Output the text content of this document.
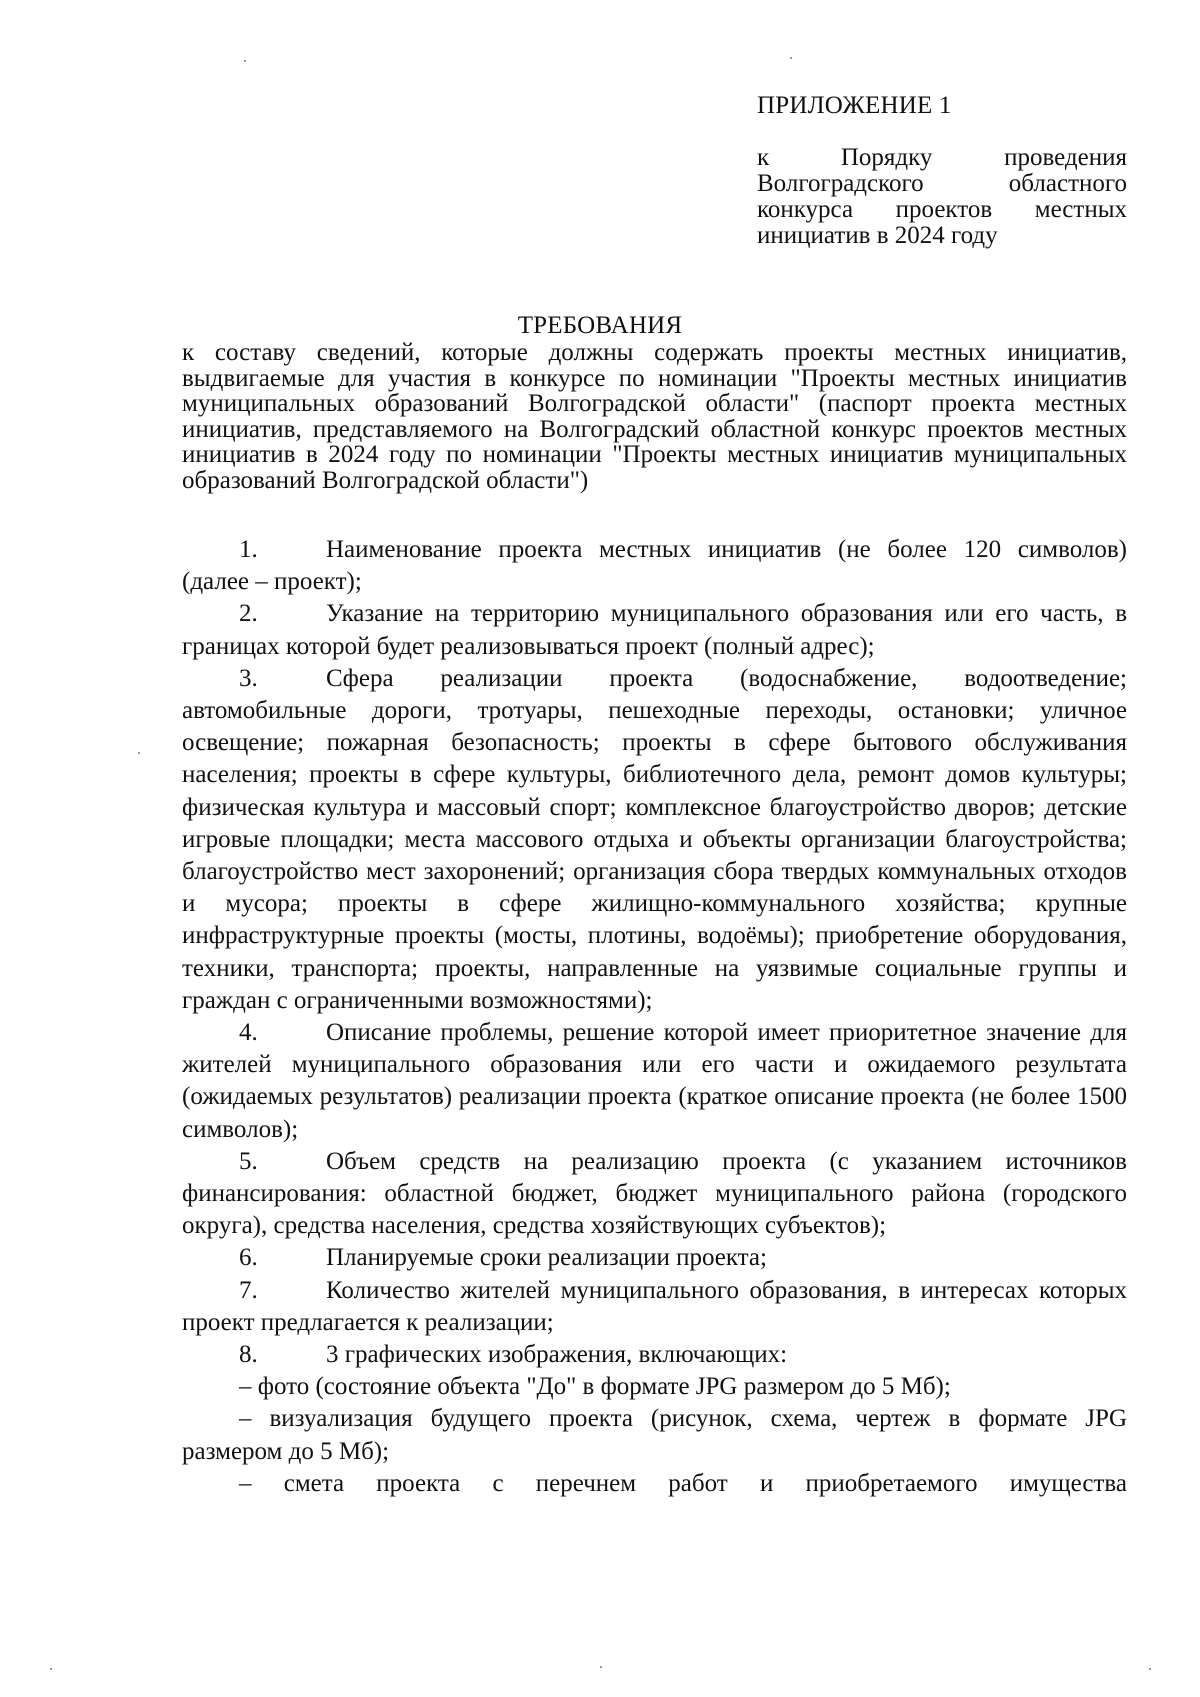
ПРИЛОЖЕНИЕ 1
к Порядку проведения Волгоградского областного конкурса проектов местных инициатив в 2024 году
ТРЕБОВАНИЯ
к составу сведений, которые должны содержать проекты местных инициатив, выдвигаемые для участия в конкурсе по номинации "Проекты местных инициатив муниципальных образований Волгоградской области" (паспорт проекта местных инициатив, представляемого на Волгоградский областной конкурс проектов местных инициатив в 2024 году по номинации "Проекты местных инициатив муниципальных образований Волгоградской области")

1.	Наименование проекта местных инициатив (не более 120 символов) (далее – проект);

2.	Указание на территорию муниципального образования или его часть, в границах которой будет реализовываться проект (полный адрес);

3.	Сфера реализации проекта (водоснабжение, водоотведение; автомобильные дороги, тротуары, пешеходные переходы, остановки; уличное освещение; пожарная безопасность; проекты в сфере бытового обслуживания населения; проекты в сфере культуры, библиотечного дела, ремонт домов культуры; физическая культура и массовый спорт; комплексное благоустройство дворов; детские игровые площадки; места массового отдыха и объекты организации благоустройства; благоустройство мест захоронений; организация сбора твердых коммунальных отходов и мусора; проекты в сфере жилищно-коммунального хозяйства; крупные инфраструктурные проекты (мосты, плотины, водоёмы); приобретение оборудования, техники, транспорта; проекты, направленные на уязвимые социальные группы и граждан с ограниченными возможностями);

4.	Описание проблемы, решение которой имеет приоритетное значение для жителей муниципального образования или его части и ожидаемого результата (ожидаемых результатов) реализации проекта (краткое описание проекта (не более 1500 символов);

5.	Объем средств на реализацию проекта (с указанием источников финансирования: областной бюджет, бюджет муниципального района (городского округа), средства населения, средства хозяйствующих субъектов);

6.	Планируемые сроки реализации проекта;

7.	Количество жителей муниципального образования, в интересах которых проект предлагается к реализации;

8.	3 графических изображения, включающих:

– фото (состояние объекта "До" в формате JPG размером до 5 Мб);

– визуализация будущего проекта (рисунок, схема, чертеж в формате JPG размером до 5 Мб);

– смета проекта с перечнем работ и приобретаемого имущества
